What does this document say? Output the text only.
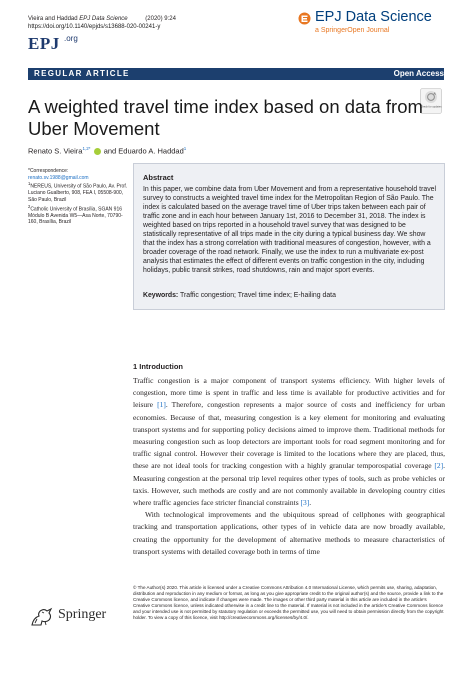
Vieira and Haddad EPJ Data Science	(2020) 9:24
https://doi.org/10.1140/epjds/s13688-020-00241-y
EPJ .org
EPJ Data Science
a SpringerOpen Journal
REGULAR ARTICLE	Open Access
Check for updates
A weighted travel time index based on data from Uber Movement
Renato S. Vieira$^{1,2*}$ and Eduardo A. Haddad$^1$
*Correspondence:
renato.sv.1988@gmail.com
$^1$NEREUS, University of São Paulo, Av. Prof. Luciano Gualberto, 908, FEA I, 05508-900, São Paulo, Brazil
$^2$Catholic University of Brasília, SGAN 916 Módulo B Avenida W5—Asa Norte, 70790-160, Brasília, Brazil
Abstract
In this paper, we combine data from Uber Movement and from a representative household travel survey to constructs a weighted travel time index for the Metropolitan Region of São Paulo. The index is calculated based on the average travel time of Uber trips taken between each pair of traffic zone and in each hour between January 1st, 2016 to December 31, 2018. The index is weighted based on trips reported in a household travel survey that was designed to be statistically representative of all trips made in the city during a typical business day. We show that the index has a strong correlation with traditional measures of congestion, however, with a broader coverage of the road network. Finally, we use the index to run a multivariate ex-post analysis that estimates the effect of different events on traffic congestion in the city, including holidays, public transit strikes, road shutdowns, rain and major sport events.
Keywords: Traffic congestion; Travel time index; E-hailing data
1 Introduction

Traffic congestion is a major component of transport systems efficiency. With higher levels of congestion, more time is spent in traffic and less time is available for productive activities and for leisure [1]. Therefore, congestion represents a major source of costs and inefficiency for urban economies. Because of that, measuring congestion is a key element for monitoring and evaluating transport systems and for supporting policy decisions aimed to improve them. Traditional methods for measuring congestion such as loop detectors are important tools for road segment monitoring and for traffic signal control. However their coverage is limited to the locations where they are placed, thus, these are not ideal tools for tracking congestion with a highly granular temporospatial coverage [2]. Measuring congestion at the personal trip level requires other types of tools, such as probe vehicles or taxis. However, such methods are costly and are not commonly available in developing country cities where traffic agencies face stricter financial constraints [3].

With technological improvements and the ubiquitous spread of cellphones with geographical tracking and transportation applications, other types of in vehicle data are now broadly available, creating the opportunity for the development of alternative methods to measure characteristics of transport systems with detailed coverage both in terms of time

Springer
© The Author(s) 2020. This article is licensed under a Creative Commons Attribution 4.0 International License, which permits use, sharing, adaptation, distribution and reproduction in any medium or format, as long as you give appropriate credit to the original author(s) and the source, provide a link to the Creative Commons licence, and indicate if changes were made. The images or other third party material in this article are included in the article's Creative Commons licence, unless indicated otherwise in a credit line to the material. If material is not included in the article's Creative Commons licence and your intended use is not permitted by statutory regulation or exceeds the permitted use, you will need to obtain permission directly from the copyright holder. To view a copy of this licence, visit http://creativecommons.org/licenses/by/4.0/.
